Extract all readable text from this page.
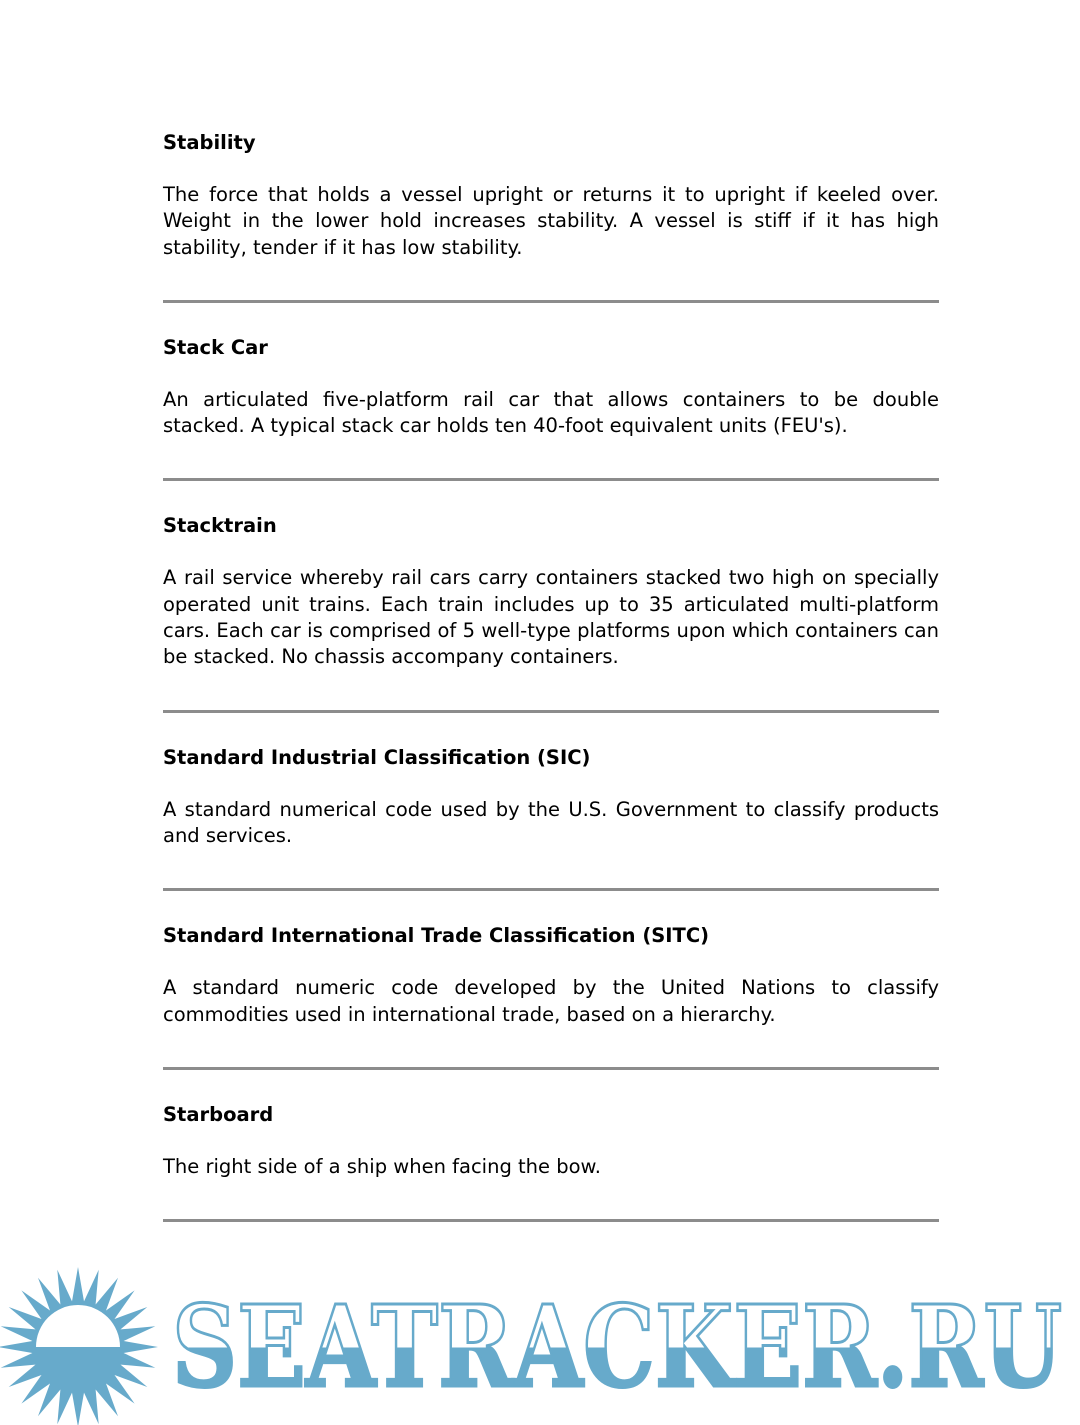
Stability

The force that holds a vessel upright or returns it to upright if keeled over. Weight in the lower hold increases stability. A vessel is stiff if it has high stability, tender if it has low stability.

Stack Car

An articulated five-platform rail car that allows containers to be double stacked. A typical stack car holds ten 40-foot equivalent units (FEU's).

Stacktrain

A rail service whereby rail cars carry containers stacked two high on specially operated unit trains. Each train includes up to 35 articulated multi-platform cars. Each car is comprised of 5 well-type platforms upon which containers can be stacked. No chassis accompany containers.

Standard Industrial Classification (SIC)

A standard numerical code used by the U.S. Government to classify products and services.

Standard International Trade Classification (SITC)

A standard numeric code developed by the United Nations to classify commodities used in international trade, based on a hierarchy.

Starboard

The right side of a ship when facing the bow.

SEATRACKER.RU
